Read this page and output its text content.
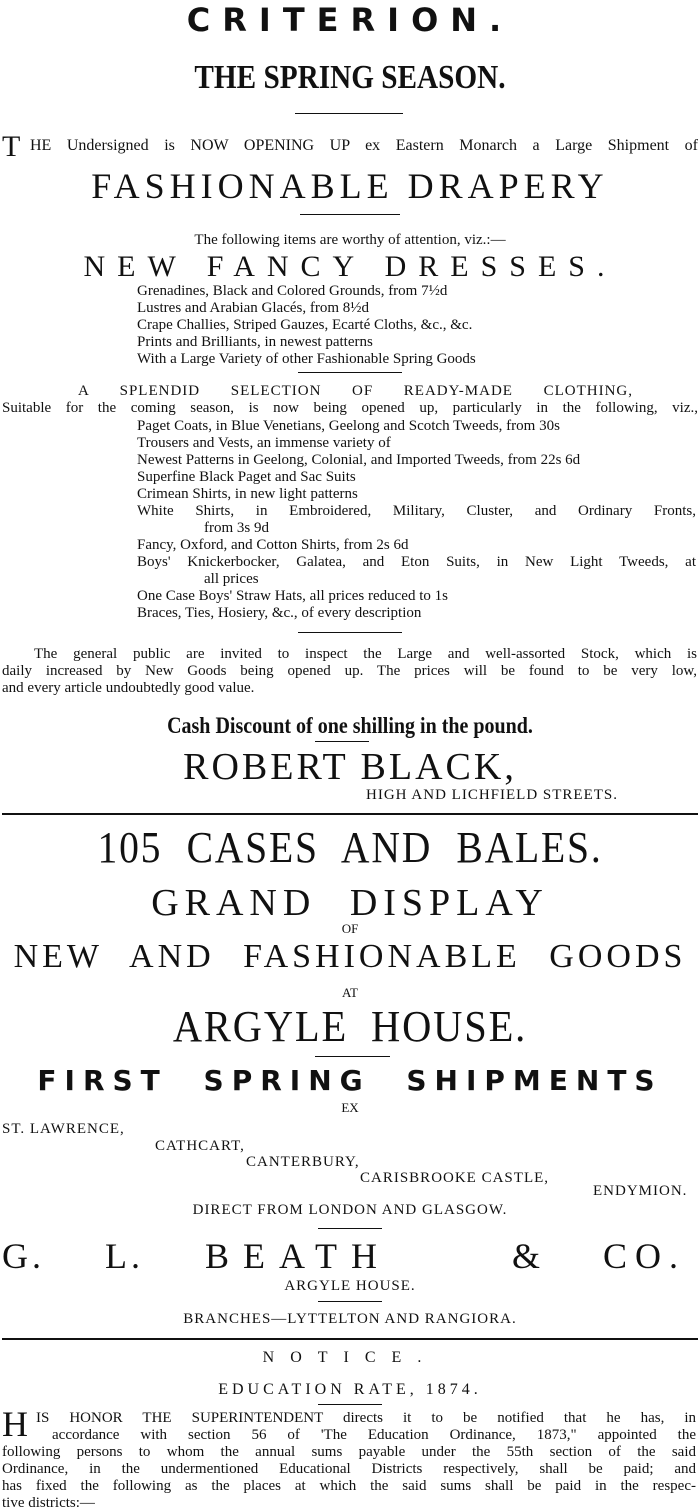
CRITERION.
THE SPRING SEASON.
T HE Undersigned is NOW OPENING UP ex Eastern Monarch a Large Shipment of
FASHIONABLE DRAPERY
The following items are worthy of attention, viz.:—
NEW FANCY DRESSES.
Grenadines, Black and Colored Grounds, from 7½d
Lustres and Arabian Glacés, from 8½d
Crape Challies, Striped Gauzes, Ecarté Cloths, &c., &c.
Prints and Brilliants, in newest patterns
With a Large Variety of other Fashionable Spring Goods
A SPLENDID SELECTION OF READY-MADE CLOTHING,
Suitable for the coming season, is now being opened up, particularly in the following, viz.,
Paget Coats, in Blue Venetians, Geelong and Scotch Tweeds, from 30s
Trousers and Vests, an immense variety of
Newest Patterns in Geelong, Colonial, and Imported Tweeds, from 22s 6d
Superfine Black Paget and Sac Suits
Crimean Shirts, in new light patterns
White Shirts, in Embroidered, Military, Cluster, and Ordinary Fronts,
from 3s 9d
Fancy, Oxford, and Cotton Shirts, from 2s 6d
Boys' Knickerbocker, Galatea, and Eton Suits, in New Light Tweeds, at
all prices
One Case Boys' Straw Hats, all prices reduced to 1s
Braces, Ties, Hosiery, &c., of every description
The general public are invited to inspect the Large and well-assorted Stock, which is
daily increased by New Goods being opened up. The prices will be found to be very low,
and every article undoubtedly good value.
Cash Discount of one shilling in the pound.
ROBERT BLACK,
HIGH AND LICHFIELD STREETS.
105 CASES AND BALES.
GRAND DISPLAY
OF
NEW AND FASHIONABLE GOODS
AT
ARGYLE HOUSE.
FIRST SPRING SHIPMENTS
EX
ST. LAWRENCE,
CATHCART,
CANTERBURY,
CARISBROOKE CASTLE,
ENDYMION.
DIRECT FROM LONDON AND GLASGOW.
G. L. BEATH	& CO.
ARGYLE HOUSE.
BRANCHES—LYTTELTON AND RANGIORA.
NOTICE.
EDUCATION RATE, 1874.
H IS HONOR THE SUPERINTENDENT directs it to be notified that he has, in
accordance with section 56 of 'The Education Ordinance, 1873," appointed the
following persons to whom the annual sums payable under the 55th section of the said
Ordinance, in the undermentioned Educational Districts respectively, shall be paid; and
has fixed the following as the places at which the said sums shall be paid in the respec-
tive districts:—
